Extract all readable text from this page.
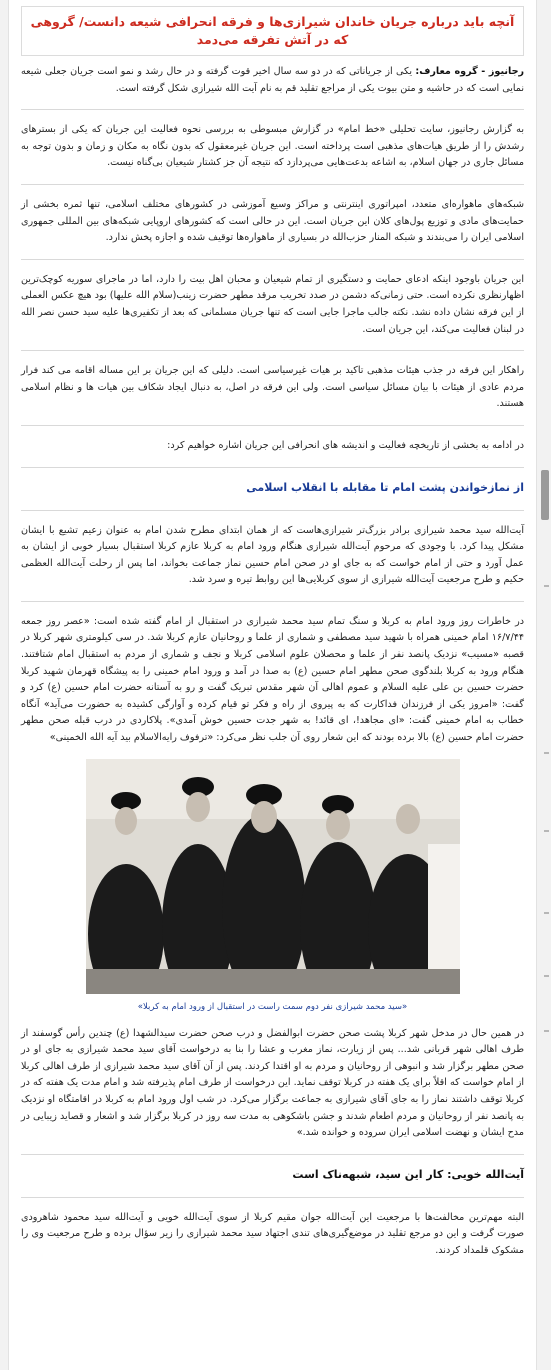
آنچه باید درباره جریان خاندان شیرازی‌ها و فرقه انحرافی شیعه دانست/ گروهی که در آتش تفرقه می‌دمد

رجانیوز - گروه معارف: یکی از جریاناتی که در دو سه سال اخیر قوت گرفته و در حال رشد و نمو است جریان جعلی شیعه نمایی است که در حاشیه و متن بیوت یکی از مراجع تقلید قم به نام آیت الله شیرازی شکل گرفته است.

به گزارش رجانیوز، سایت تحلیلی «خط امام» در گزارش مبسوطی به بررسی نحوه فعالیت این جریان که یکی از بسترهای رشدش را از طریق هیات‌های مذهبی است پرداخته است. این جریان غیرمعقول که بدون نگاه به مکان و زمان و بدون توجه به مسائل جاری در جهان اسلام، به اشاعه بدعت‌هایی می‌پردازد که نتیجه آن جز کشتار شیعیان بی‌گناه نیست.

شبکه‌های ماهواره‌ای متعدد، امپراتوری اینترنتی و مراکز وسیع آموزشی در کشورهای مختلف اسلامی، تنها ثمره بخشی از حمایت‌های مادی و توزیع پول‌های کلان این جریان است. این در حالی است که کشورهای اروپایی شبکه‌های بین المللی جمهوری اسلامی ایران را می‌بندند و شبکه المنار حزب‌الله در بسیاری از ماهواره‌ها توقیف شده و اجازه پخش ندارد.

این جریان باوجود اینکه ادعای حمایت و دستگیری از تمام شیعیان و محبان اهل بیت را دارد، اما در ماجرای سوریه کوچک‌ترین اظهارنظری نکرده است. حتی زمانی‌که دشمن در صدد تخریب مرقد مطهر حضرت زینب(سلام الله علیها) بود هیچ عکس العملی از این فرقه نشان داده نشد. نکته جالب ماجرا جایی است که تنها جریان مسلمانی که بعد از تکفیری‌ها علیه سید حسن نصر الله در لبنان فعالیت می‌کند، این جریان است.

راهکار این فرقه در جذب هیئات مذهبی تاکید بر هیات غیرسیاسی است. دلیلی که این جریان بر این مساله اقامه می کند فرار مردم عادی از هیئات با بیان مسائل سیاسی است. ولی این فرقه در اصل، به دنبال ایجاد شکاف بین هیات ها و نظام اسلامی هستند.

در ادامه به بخشی از تاریخچه فعالیت و اندیشه های انحرافی این جریان اشاره خواهیم کرد:

از نمازخواندن پشت امام تا مقابله با انقلاب اسلامی

آیت‌الله سید محمد شیرازی برادر بزرگ‌تر شیرازی‌هاست که از همان ابتدای مطرح شدن امام به عنوان زعیم تشیع با ایشان مشکل پیدا کرد. با وجودی که مرحوم آیت‌الله شیرازی هنگام ورود امام به کربلا عازم کربلا استقبال بسیار خوبی از ایشان به عمل آورد و حتی از امام خواست که به جای او در صحن امام حسین نماز جماعت بخواند، اما پس از رحلت آیت‌الله العظمی حکیم و طرح مرجعیت آیت‌الله شیرازی از سوی کربلایی‌ها این روابط تیره و سرد شد.

در خاطرات روز ورود امام به کربلا و سنگ تمام سید محمد شیرازی در استقبال از امام گفته شده است: «عصر روز جمعه ۱۶/۷/۴۴ امام خمینی همراه با شهید سید مصطفی و شماری از علما و روحانیان عازم کربلا شد. در سی کیلومتری شهر کربلا در قصبه «مسیب» نزدیک پانصد نفر از علما و محصلان علوم اسلامی کربلا و نجف و شماری از مردم به استقبال امام شتافتند. هنگام ورود به کربلا بلندگوی صحن مطهر امام حسین (ع) به صدا در آمد و ورود امام خمینی را به پیشگاه قهرمان شهید کربلا حضرت حسین بن علی علیه السلام و عموم اهالی آن شهر مقدس تبریک گفت و رو به آستانه حضرت امام حسین (ع) کرد و گفت: «امروز یکی از فرزندان فداکارت که به پیروی از راه و فکر تو قیام کرده و آوارگی کشیده به حضورت می‌آید» آنگاه خطاب به امام خمینی گفت: «ای مجاهد!، ای قائد! به شهر جدت حسین خوش آمدی». پلاکاردی در درب قبله صحن مطهر حضرت امام حسین (ع) بالا برده بودند که این شعار روی آن جلب نظر می‌کرد: «ترفوف رایه‌الاسلام بید آیه الله الخمینی»

«سید محمد شیرازی نفر دوم سمت راست در استقبال از ورود امام به کربلا»

در همین حال در مدخل شهر کربلا پشت صحن حضرت ابوالفضل و درب صحن حضرت سیدالشهدا (ع) چندین رأس گوسفند از طرف اهالی شهر قربانی شد... پس از زیارت، نماز مغرب و عشا را بنا به درخواست آقای سید محمد شیرازی به جای او در صحن مطهر برگزار شد و انبوهی از روحانیان و مردم به او اقتدا کردند. پس از آن آقای سید محمد شیرازی از طرف اهالی کربلا از امام خواست که اقلاً برای یک هفته در کربلا توقف نماید. این درخواست از طرف امام پذیرفته شد و امام مدت یک هفته که در کربلا توقف داشتند نماز را به جای آقای شیرازی به جماعت برگزار می‌کرد. در شب اول ورود امام به کربلا در اقامتگاه او نزدیک به پانصد نفر از روحانیان و مردم اطعام شدند و جشن باشکوهی به مدت سه روز در کربلا برگزار شد و اشعار و قصاید زیبایی در مدح ایشان و نهضت اسلامی ایران سروده و خوانده شد.»

آیت‌الله خویی: کار این سید، شبهه‌ناک است

البته مهم‌ترین مخالفت‌ها با مرجعیت این آیت‌الله جوان مقیم کربلا از سوی آیت‌الله خویی و آیت‌الله سید محمود شاهرودی صورت گرفت و این دو مرجع تقلید در موضع‌گیری‌های تندی اجتهاد سید محمد شیرازی را زیر سؤال برده و طرح مرجعیت وی را مشکوک قلمداد کردند.
